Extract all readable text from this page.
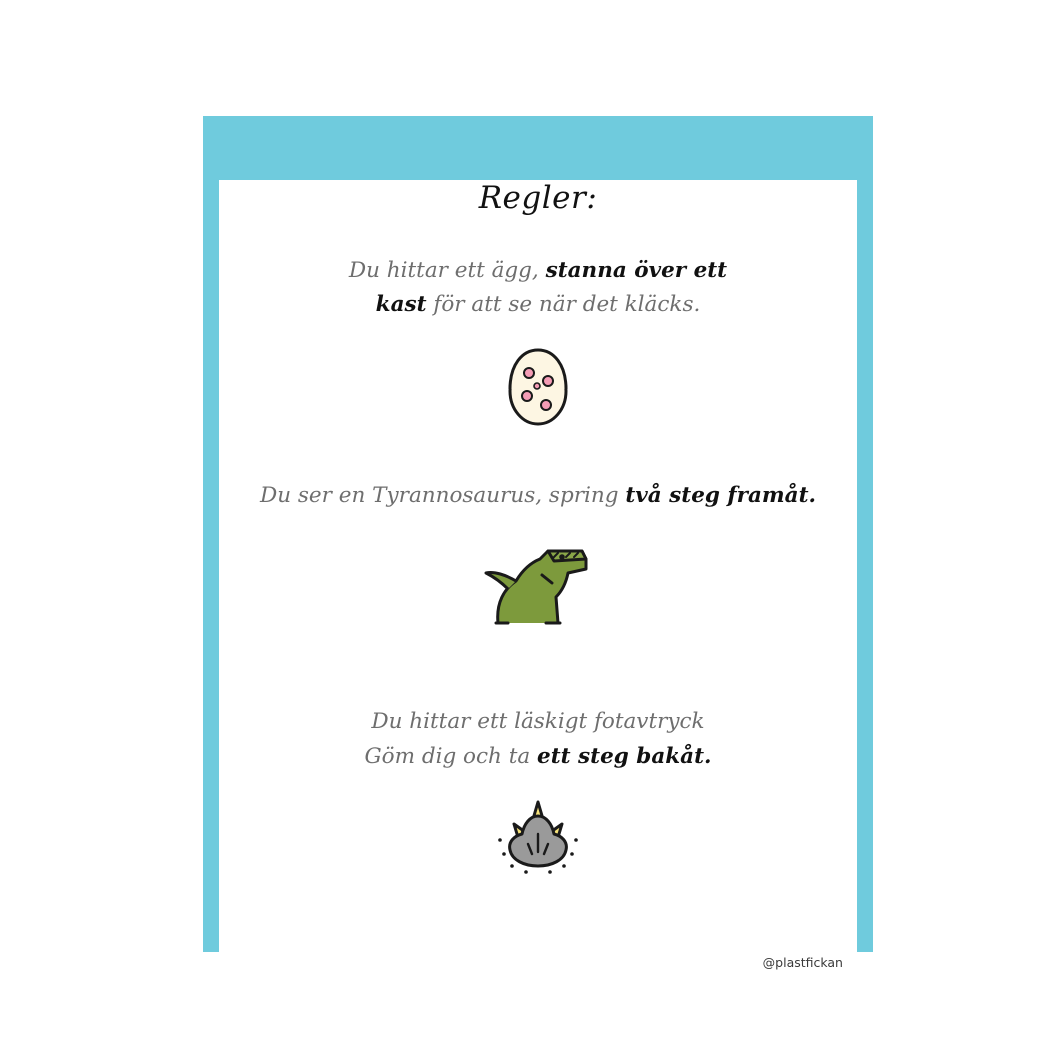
Regler:
Du hittar ett ägg, stanna över ett
kast för att se när det kläcks.
Du ser en Tyrannosaurus, spring två steg framåt.
Du hittar ett läskigt fotavtryck
Göm dig och ta ett steg bakåt.
@plastfickan
